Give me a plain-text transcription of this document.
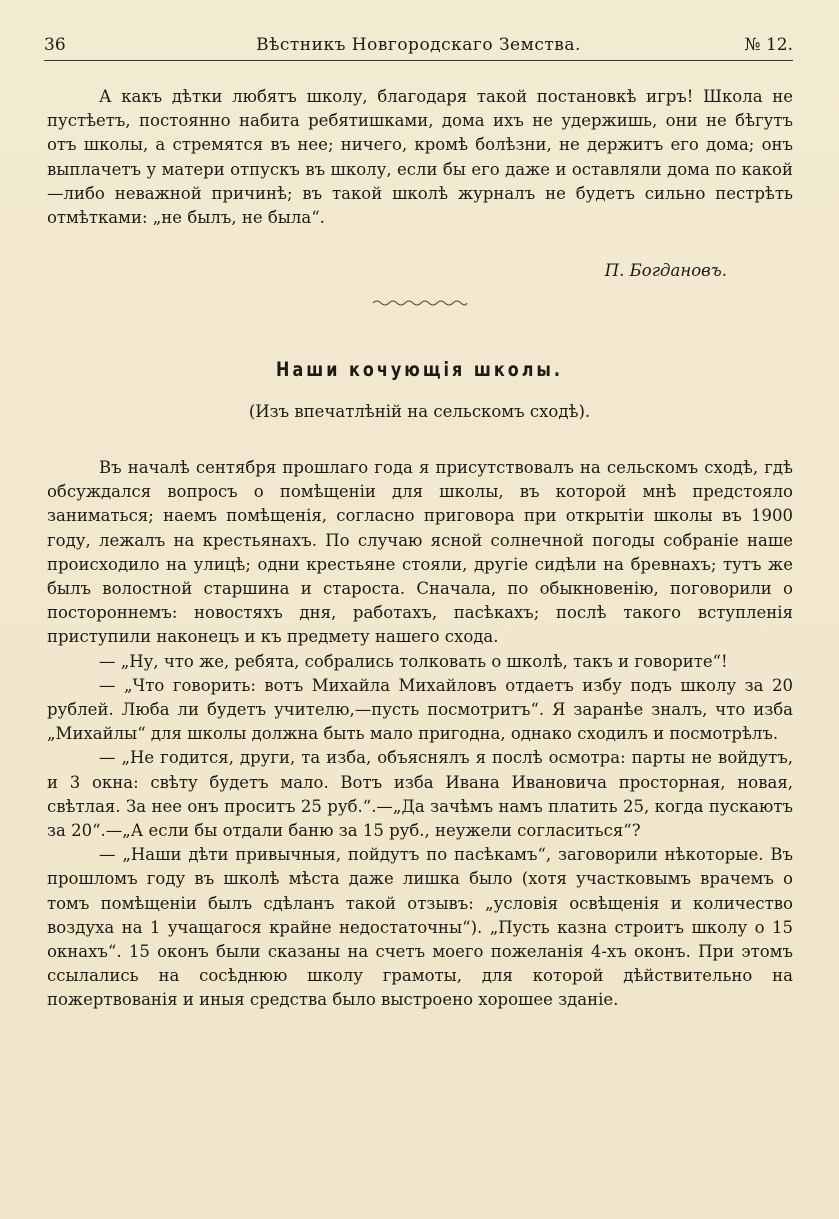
36	Вѣстникъ Новгородскаго Земства.	№ 12.

А какъ дѣтки любятъ школу, благодаря такой постановкѣ игръ! Школа не пустѣетъ, постоянно набита ребятишками, дома ихъ не удержишь, они не бѣгутъ отъ школы, а стремятся въ нее; ничего, кромѣ болѣзни, не держитъ его дома; онъ выплачетъ у матери отпускъ въ школу, если бы его даже и оставляли дома по какой—либо неважной причинѣ; въ такой школѣ журналъ не будетъ сильно пестрѣть отмѣтками: „не былъ, не была“.

П. Богдановъ.
Наши кочующія школы.
(Изъ впечатлѣній на сельскомъ сходѣ).

Въ началѣ сентября прошлаго года я присутствовалъ на сельскомъ сходѣ, гдѣ обсуждался вопросъ о помѣщеніи для школы, въ которой мнѣ предстояло заниматься; наемъ помѣщенія, согласно приговора при открытіи школы въ 1900 году, лежалъ на крестьянахъ. По случаю ясной солнечной погоды собраніе наше происходило на улицѣ; одни крестьяне стояли, другіе сидѣли на бревнахъ; тутъ же былъ волостной старшина и староста. Сначала, по обыкновенію, поговорили о постороннемъ: новостяхъ дня, работахъ, пасѣкахъ; послѣ такого вступленія приступили наконецъ и къ предмету нашего схода.

— „Ну, что же, ребята, собрались толковать о школѣ, такъ и говорите“!

— „Что говорить: вотъ Михайла Михайловъ отдаетъ избу подъ школу за 20 рублей. Люба ли будетъ учителю,—пусть посмотритъ“. Я заранѣе зналъ, что изба „Михайлы“ для школы должна быть мало пригодна, однако сходилъ и посмотрѣлъ.

— „Не годится, други, та изба, объяснялъ я послѣ осмотра: парты не войдутъ, и 3 окна: свѣту будетъ мало. Вотъ изба Ивана Ивановича просторная, новая, свѣтлая. За нее онъ проситъ 25 руб.“.—„Да зачѣмъ намъ платить 25, когда пускаютъ за 20“.—„А если бы отдали баню за 15 руб., неужели согласиться“?

— „Наши дѣти привычныя, пойдутъ по пасѣкамъ“, заговорили нѣкоторые. Въ прошломъ году въ школѣ мѣста даже лишка было (хотя участковымъ врачемъ о томъ помѣщеніи былъ сдѣланъ такой отзывъ: „условія освѣщенія и количество воздуха на 1 учащагося крайне недостаточны“). „Пусть казна строитъ школу о 15 окнахъ“. 15 оконъ были сказаны на счетъ моего пожеланія 4-хъ оконъ. При этомъ ссылались на сосѣднюю школу грамоты, для которой дѣйствительно на пожертвованія и иныя средства было выстроено хорошее зданіе.
